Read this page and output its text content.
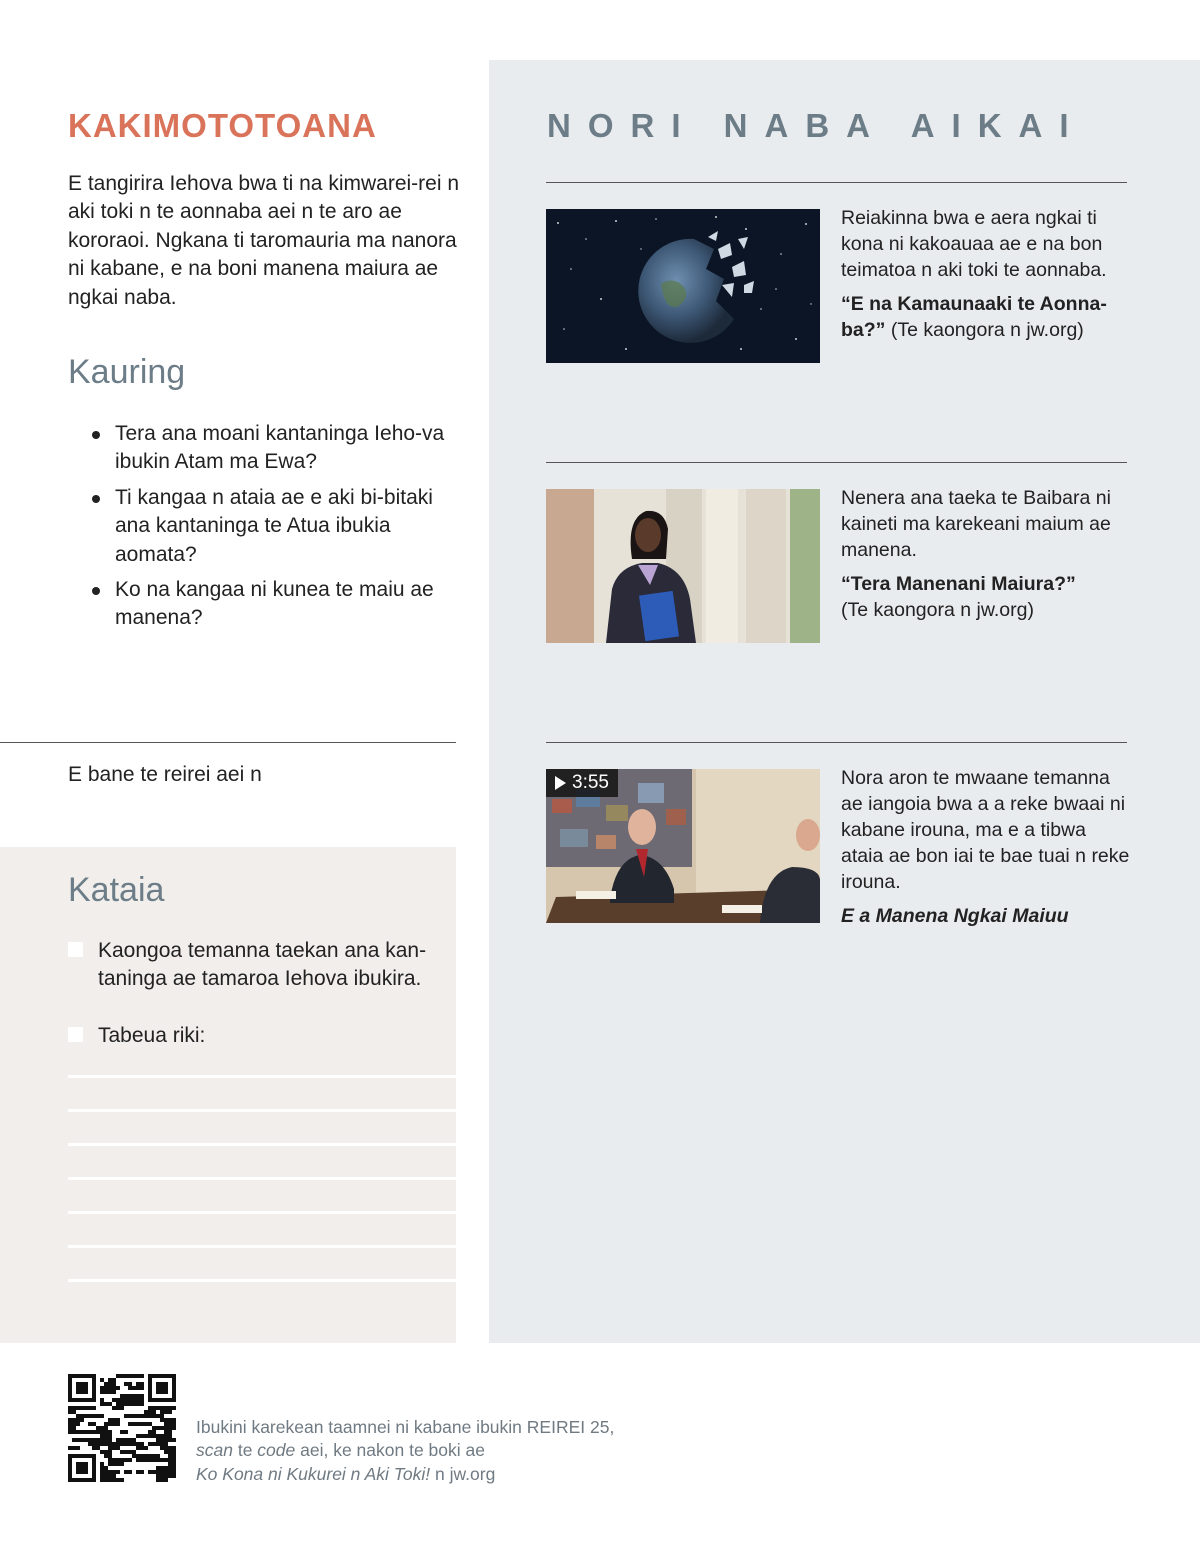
KAKIMOTOTOANA

E tangirira Iehova bwa ti na kimwarei-rei n aki toki n te aonnaba aei n te aro ae kororaoi. Ngkana ti taromauria ma nanora ni kabane, e na boni manena maiura ae ngkai naba.

Kauring
Tera ana moani kantaninga Ieho-va ibukin Atam ma Ewa?
Ti kangaa n ataia ae e aki bi-bitaki ana kantaninga te Atua ibukia aomata?
Ko na kangaa ni kunea te maiu ae manena?

E bane te reirei aei n

Kataia
Kaongoa temanna taekan ana kan-taninga ae tamaroa Iehova ibukira.
Tabeua riki:
NORI NABA AIKAI

Reiakinna bwa e aera ngkai ti kona ni kakoauaa ae e na bon teimatoa n aki toki te aonnaba.

“E na Kamaunaaki te Aonna-ba?” (Te kaongora n jw.org)

Nenera ana taeka te Baibara ni kaineti ma karekeani maium ae manena.

“Tera Manenani Maiura?”
(Te kaongora n jw.org)

3:55	Nora aron te mwaane temanna ae iangoia bwa a a reke bwaai ni kabane irouna, ma e a tibwa ataia ae bon iai te bae tuai n reke irouna.

E a Manena Ngkai Maiuu

Ibukini karekean taamnei ni kabane ibukin REIREI 25,
scan te code aei, ke nakon te boki ae
Ko Kona ni Kukurei n Aki Toki! n jw.org
